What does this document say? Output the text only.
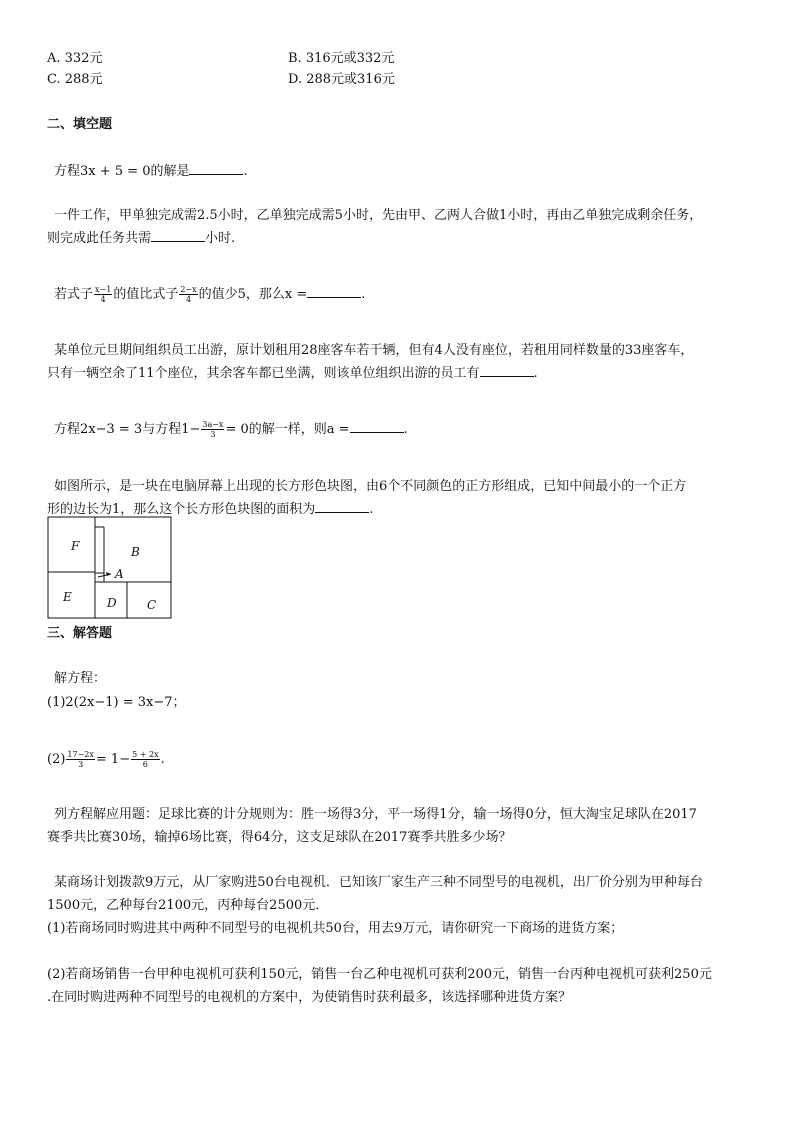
A. 332元	B. 316元或332元
C. 288元	D. 288元或316元
二、填空题
方程3x + 5 = 0的解是	.
一件工作，甲单独完成需2.5小时，乙单独完成需5小时，先由甲、乙两人合做1小时，再由乙单独完成剩余任务，
则完成此任务共需	小时.
若式子 $\frac{x-1}{4}$ 的值比式子 $\frac{2-x}{4}$ 的值少5，那么x =	.
某单位元旦期间组织员工出游，原计划租用28座客车若干辆，但有4人没有座位，若租用同样数量的33座客车，
只有一辆空余了11个座位，其余客车都已坐满，则该单位组织出游的员工有	.
方程2x−3 = 3与方程$1- \frac{3a-x}{3} = 0$的解一样，则a =	.
如图所示，是一块在电脑屏幕上出现的长方形色块图，由6个不同颜色的正方形组成，已知中间最小的一个正方
形的边长为1，那么这个长方形色块图的面积为	.
F	B
A
E	D	C
三、解答题
解方程：
(1)2(2x−1) = 3x−7；
$(2) \frac{17-2x}{3} = 1- \frac{5 + 2x}{6}$ .
列方程解应用题：足球比赛的计分规则为：胜一场得3分，平一场得1分，输一场得0分，恒大淘宝足球队在2017
赛季共比赛30场，输掉6场比赛，得64分，这支足球队在2017赛季共胜多少场？
某商场计划拨款9万元，从厂家购进50台电视机．已知该厂家生产三种不同型号的电视机，出厂价分别为甲种每台
1500元，乙种每台2100元，丙种每台2500元．
(1)若商场同时购进其中两种不同型号的电视机共50台，用去9万元，请你研究一下商场的进货方案；
(2)若商场销售一台甲种电视机可获利150元，销售一台乙种电视机可获利200元，销售一台丙种电视机可获利250元
.在同时购进两种不同型号的电视机的方案中，为使销售时获利最多，该选择哪种进货方案？
